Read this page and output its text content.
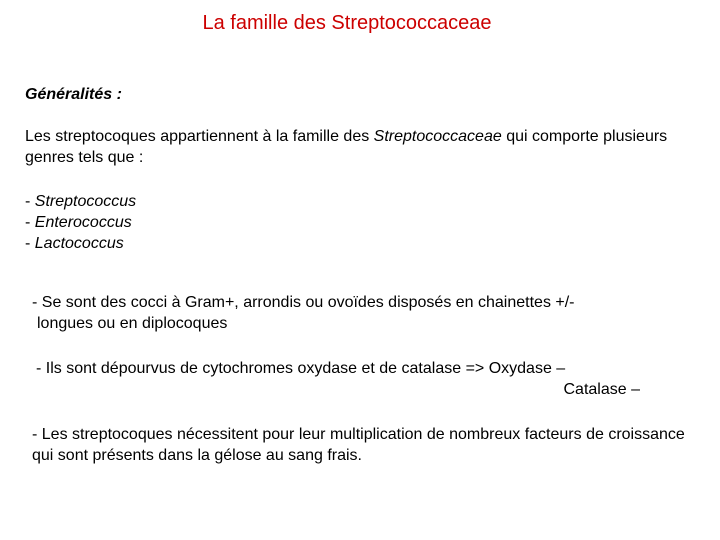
La famille des Streptococcaceae
Généralités :
Les streptocoques appartiennent à la famille des Streptococcaceae qui comporte plusieurs genres tels que :
- Streptococcus
- Enterococcus
- Lactococcus
- Se sont des cocci à Gram+, arrondis ou ovoïdes disposés en chainettes +/-
longues ou en diplocoques
- Ils sont dépourvus de cytochromes oxydase et de catalase => Oxydase –
Catalase –
- Les streptocoques nécessitent pour leur multiplication de nombreux facteurs de croissance qui sont présents dans la gélose au sang frais.
